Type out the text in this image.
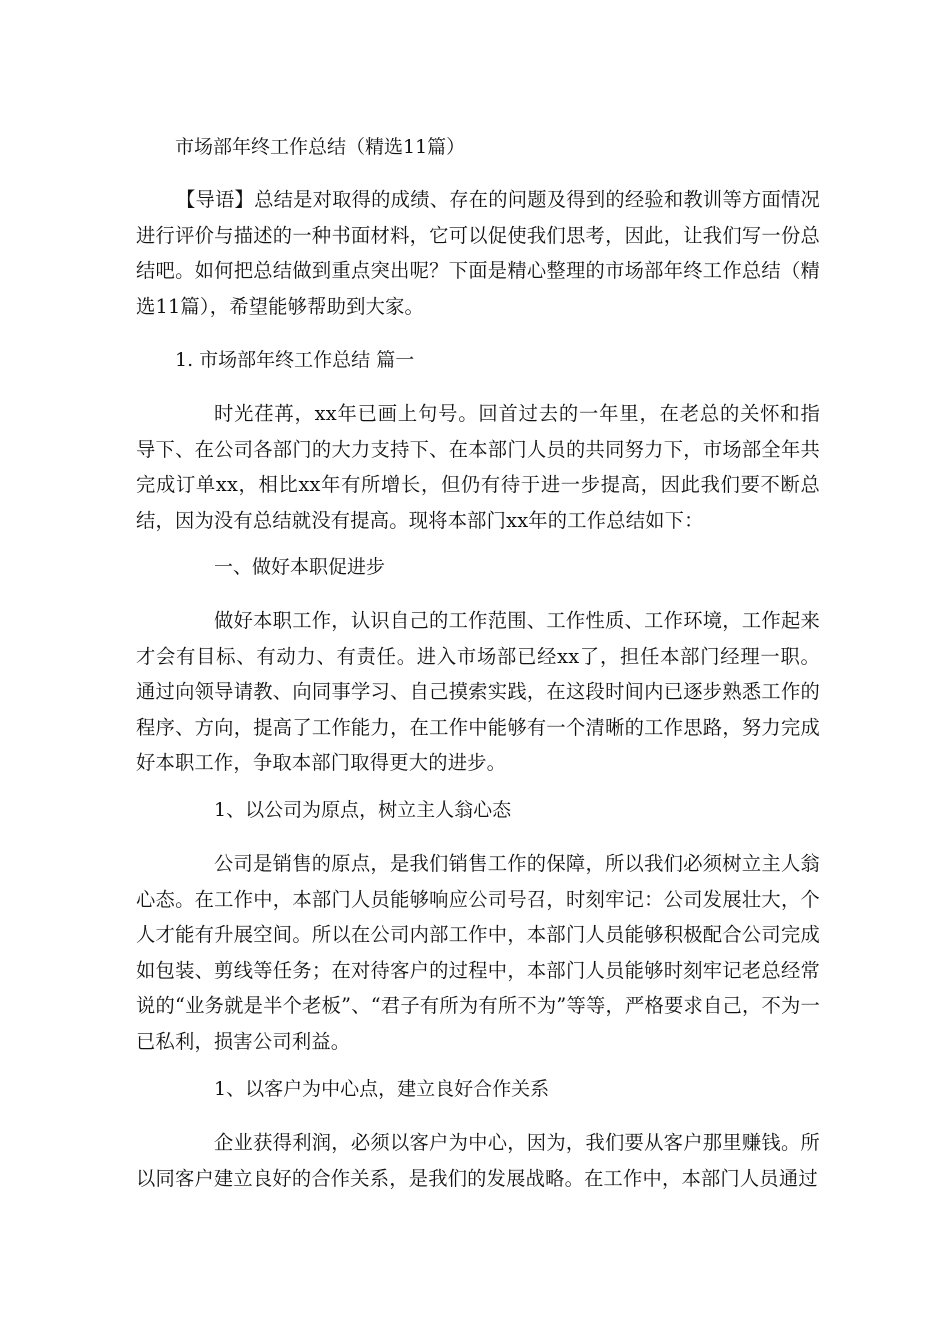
市场部年终工作总结（精选11篇）

【导语】总结是对取得的成绩、存在的问题及得到的经验和教训等方面情况进行评价与描述的一种书面材料，它可以促使我们思考，因此，让我们写一份总结吧。如何把总结做到重点突出呢？下面是精心整理的市场部年终工作总结（精选11篇），希望能够帮助到大家。

1. 市场部年终工作总结 篇一

时光荏苒，xx年已画上句号。回首过去的一年里，在老总的关怀和指导下、在公司各部门的大力支持下、在本部门人员的共同努力下，市场部全年共完成订单xx，相比xx年有所增长，但仍有待于进一步提高，因此我们要不断总结，因为没有总结就没有提高。现将本部门xx年的工作总结如下：

一、做好本职促进步

做好本职工作，认识自己的工作范围、工作性质、工作环境，工作起来才会有目标、有动力、有责任。进入市场部已经xx了，担任本部门经理一职。通过向领导请教、向同事学习、自己摸索实践，在这段时间内已逐步熟悉工作的程序、方向，提高了工作能力，在工作中能够有一个清晰的工作思路，努力完成好本职工作，争取本部门取得更大的进步。

1、以公司为原点，树立主人翁心态

公司是销售的原点，是我们销售工作的保障，所以我们必须树立主人翁心态。在工作中，本部门人员能够响应公司号召，时刻牢记：公司发展壮大，个人才能有升展空间。所以在公司内部工作中，本部门人员能够积极配合公司完成如包装、剪线等任务；在对待客户的过程中，本部门人员能够时刻牢记老总经常说的“业务就是半个老板”、“君子有所为有所不为”等等，严格要求自己，不为一已私利，损害公司利益。

1、以客户为中心点，建立良好合作关系

企业获得利润，必须以客户为中心，因为，我们要从客户那里赚钱。所以同客户建立良好的合作关系，是我们的发展战略。在工作中，本部门人员通过
